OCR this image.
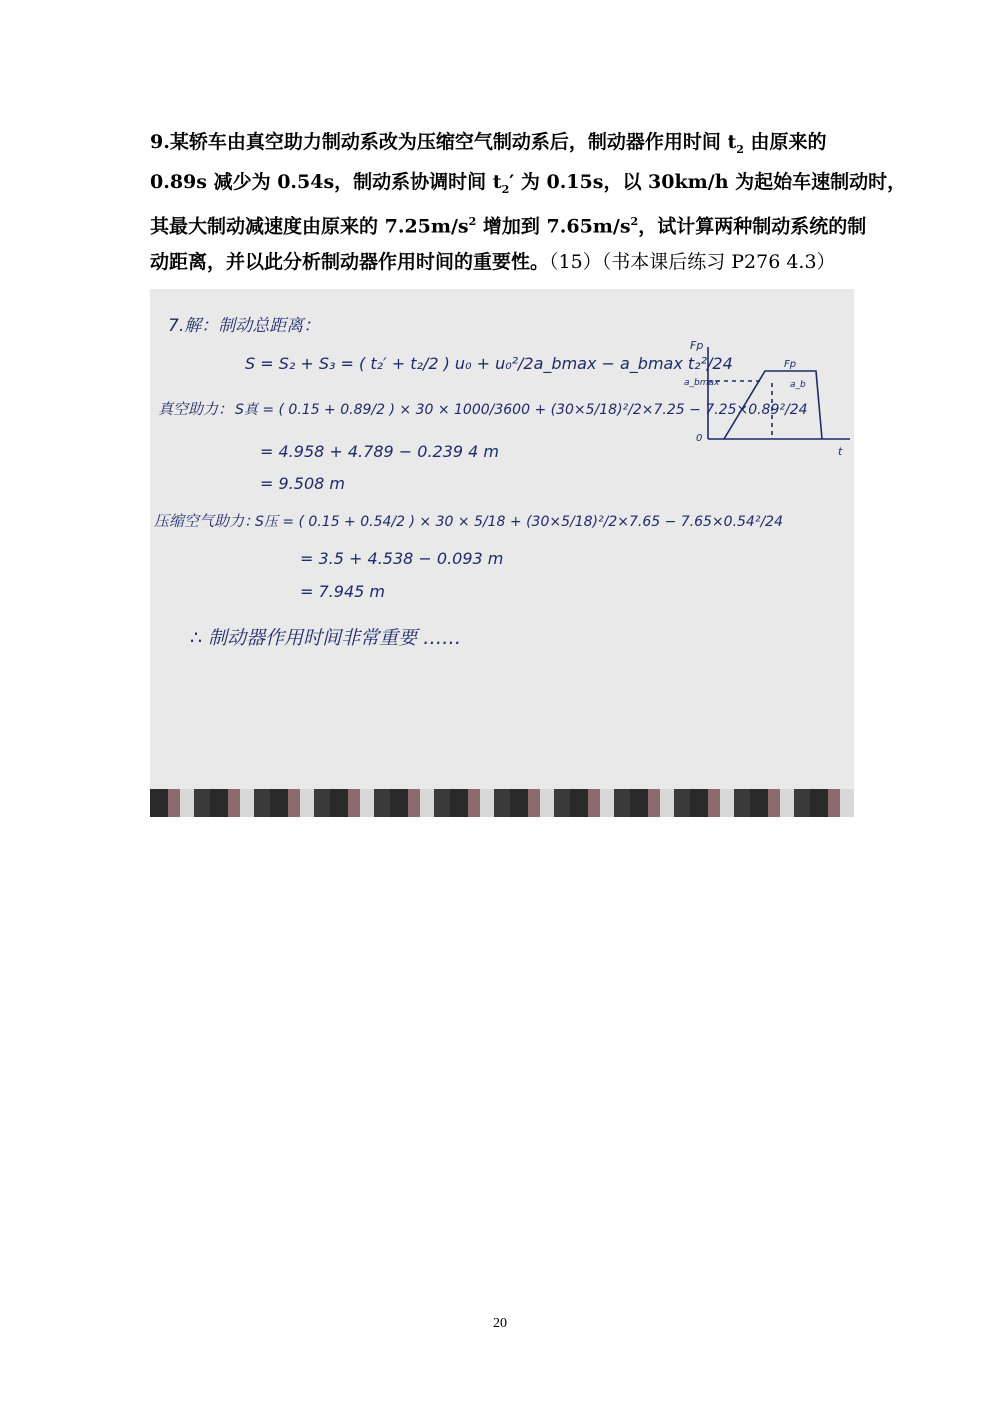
9.某轿车由真空助力制动系改为压缩空气制动系后，制动器作用时间 $t_2$ 由原来的
0.89s 减少为 0.54s，制动系协调时间 $t_2'$ 为 0.15s，以 30km/h 为起始车速制动时，
其最大制动减速度由原来的 $7.25m/s^2$ 增加到 $7.65m/s^2$，试计算两种制动系统的制
动距离，并以此分析制动器作用时间的重要性。（15）（书本课后练习 P276 4.3）
7.解：制动总距离：
S = S₂ + S₃ = ( t₂′ + t₂/2 ) u₀ + u₀²/2a_bmax − a_bmax t₂²/24
真空助力： S真 = ( 0.15 + 0.89/2 ) × 30 × 1000/3600 + (30×5/18)²/2×7.25 − 7.25×0.89²/24
= 4.958 + 4.789 − 0.239 4 m
= 9.508 m
压缩空气助力：
S压 = ( 0.15 + 0.54/2 ) × 30 × 5/18 + (30×5/18)²/2×7.65 − 7.65×0.54²/24
= 3.5 + 4.538 − 0.093 m
= 7.945 m
∴ 制动器作用时间非常重要 ……
Fp
t
Fp
a_bmax	a_b
0
20
